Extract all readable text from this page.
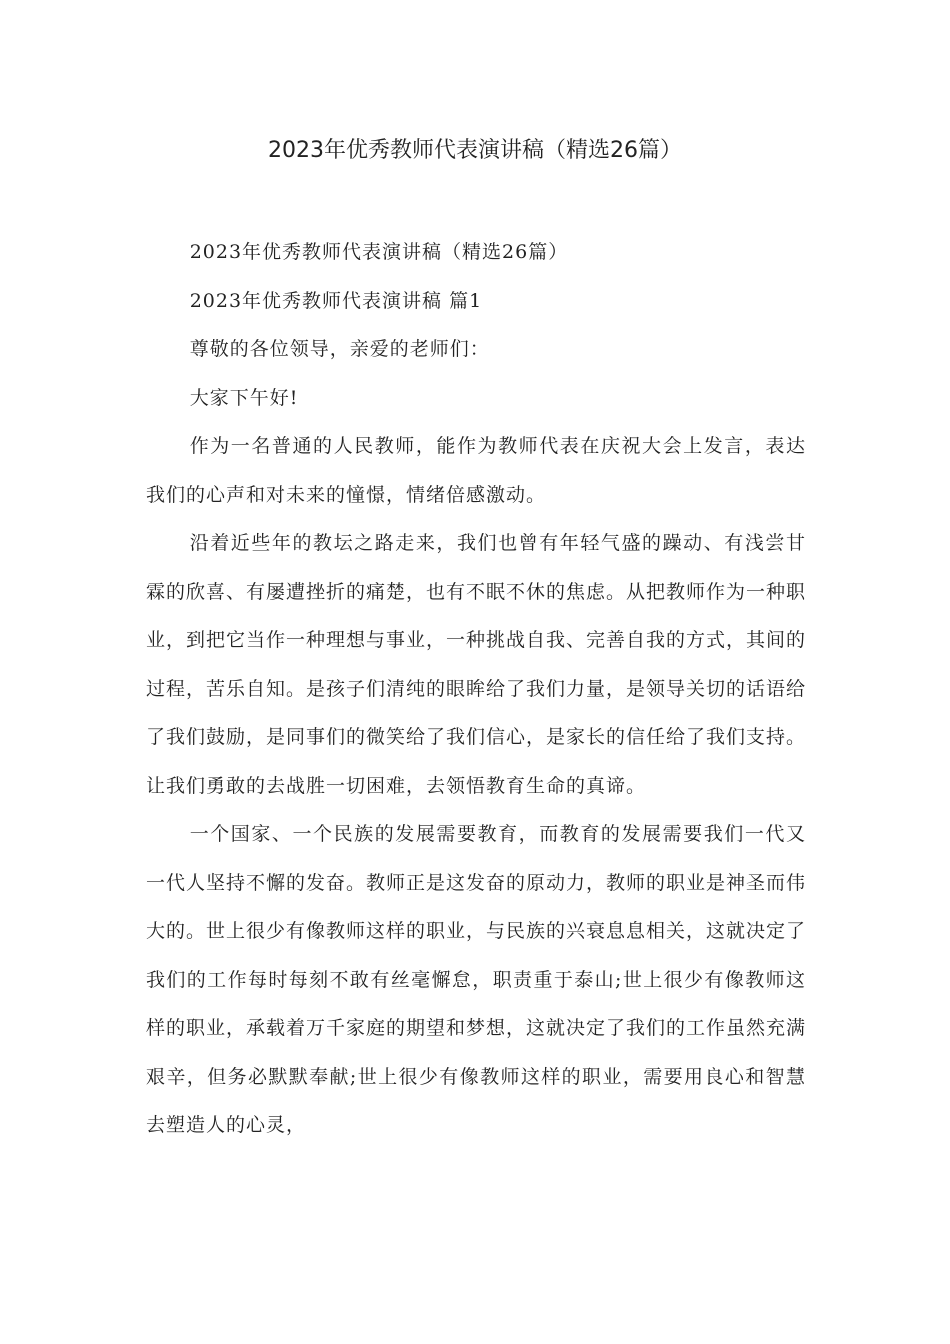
2023年优秀教师代表演讲稿（精选26篇）

2023年优秀教师代表演讲稿（精选26篇）

2023年优秀教师代表演讲稿 篇1

尊敬的各位领导，亲爱的老师们：

大家下午好!

作为一名普通的人民教师，能作为教师代表在庆祝大会上发言，表达我们的心声和对未来的憧憬，情绪倍感激动。

沿着近些年的教坛之路走来，我们也曾有年轻气盛的躁动、有浅尝甘霖的欣喜、有屡遭挫折的痛楚，也有不眠不休的焦虑。从把教师作为一种职业，到把它当作一种理想与事业，一种挑战自我、完善自我的方式，其间的过程，苦乐自知。是孩子们清纯的眼眸给了我们力量，是领导关切的话语给了我们鼓励，是同事们的微笑给了我们信心，是家长的信任给了我们支持。让我们勇敢的去战胜一切困难，去领悟教育生命的真谛。

一个国家、一个民族的发展需要教育，而教育的发展需要我们一代又一代人坚持不懈的发奋。教师正是这发奋的原动力，教师的职业是神圣而伟大的。世上很少有像教师这样的职业，与民族的兴衰息息相关，这就决定了我们的工作每时每刻不敢有丝毫懈怠，职责重于泰山;世上很少有像教师这样的职业，承载着万千家庭的期望和梦想，这就决定了我们的工作虽然充满艰辛，但务必默默奉献;世上很少有像教师这样的职业，需要用良心和智慧去塑造人的心灵，
